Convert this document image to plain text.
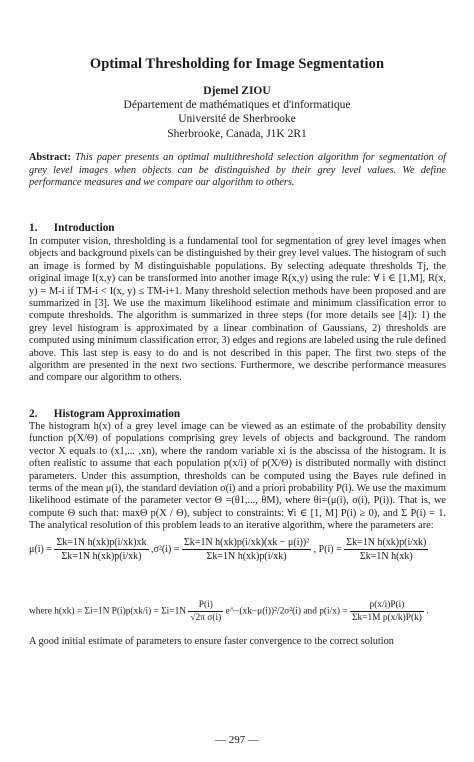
Optimal Thresholding for Image Segmentation
Djemel ZIOU
Département de mathématiques et d'informatique
Université de Sherbrooke
Sherbrooke, Canada, J1K 2R1
Abstract: This paper presents an optimal multithreshold selection algorithm for segmentation of grey level images when objects can be distinguished by their grey level values. We define performance measures and we compare our algorithm to others.
1. Introduction
In computer vision, thresholding is a fundamental tool for segmentation of grey level images when objects and background pixels can be distinguished by their grey level values. The histogram of such an image is formed by M distinguishable populations. By selecting adequate thresholds Tj, the original image I(x,y) can be transformed into another image R(x,y) using the rule: ∀ i ∈ [1,M], R(x, y) = M-i if TM-i < I(x, y) ≤ TM-i+1. Many threshold selection methods have been proposed and are summarized in [3]. We use the maximum likelihood estimate and minimum classification error to compute thresholds. The algorithm is summarized in three steps (for more details see [4]): 1) the grey level histogram is approximated by a linear combination of Gaussians, 2) thresholds are computed using minimum classification error, 3) edges and regions are labeled using the rule defined above. This last step is easy to do and is not described in this paper. The first two steps of the algorithm are presented in the next two sections. Furthermore, we describe performance measures and compare our algorithm to others.
2. Histogram Approximation
The histogram h(x) of a grey level image can be viewed as an estimate of the probability density function p(X/Θ) of populations comprising grey levels of objects and background. The random vector X equals to (x1,... ,xn), where the random variable xi is the abscissa of the histogram. It is often realistic to assume that each population p(x/i) of p(X/Θ) is distributed normally with distinct parameters. Under this assumption, thresholds can be computed using the Bayes rule defined in terms of the mean μ(i), the standard deviation σ(i) and a priori probability P(i). We use the maximum likelihood estimate of the parameter vector Θ =(θ1,..., θM), where θi=(μ(i), σ(i), P(i)). That is, we compute Θ such that: maxΘ p(X / Θ), subject to constraints: ∀i ∈ [1, M] P(i) ≥ 0), and Σ P(i) = 1. The analytical resolution of this problem leads to an iterative algorithm, where the parameters are:
$\mu(i) = \frac{\text{Σk=1N h(xk)p(i/xk)xk}}{\text{Σk=1N h(xk)p(i/xk)}} ,\sigma^2(i) = \frac{\text{Σk=1N h(xk)p(i/xk)(xk − μ(i))²}}{\text{Σk=1N h(xk)p(i/xk)}}$ , $P(i) = \frac{\text{Σk=1N h(xk)p(i/xk)}}{\text{Σk=1N h(xk)}}$
where h(xk) = Σi=1N $P(i)p(xk/i) = \Sigma i=1N \frac{P(i)}{\text{√2π σ(i)}}$ e^−(xk−μ(i))²/2σ²(i) and $p(i/x) = \frac{p(x/i)P(i)}{\text{Σk=1M p(x/k)P(k)}}$ .
A good initial estimate of parameters to ensure faster convergence to the correct solution
— 297 —
